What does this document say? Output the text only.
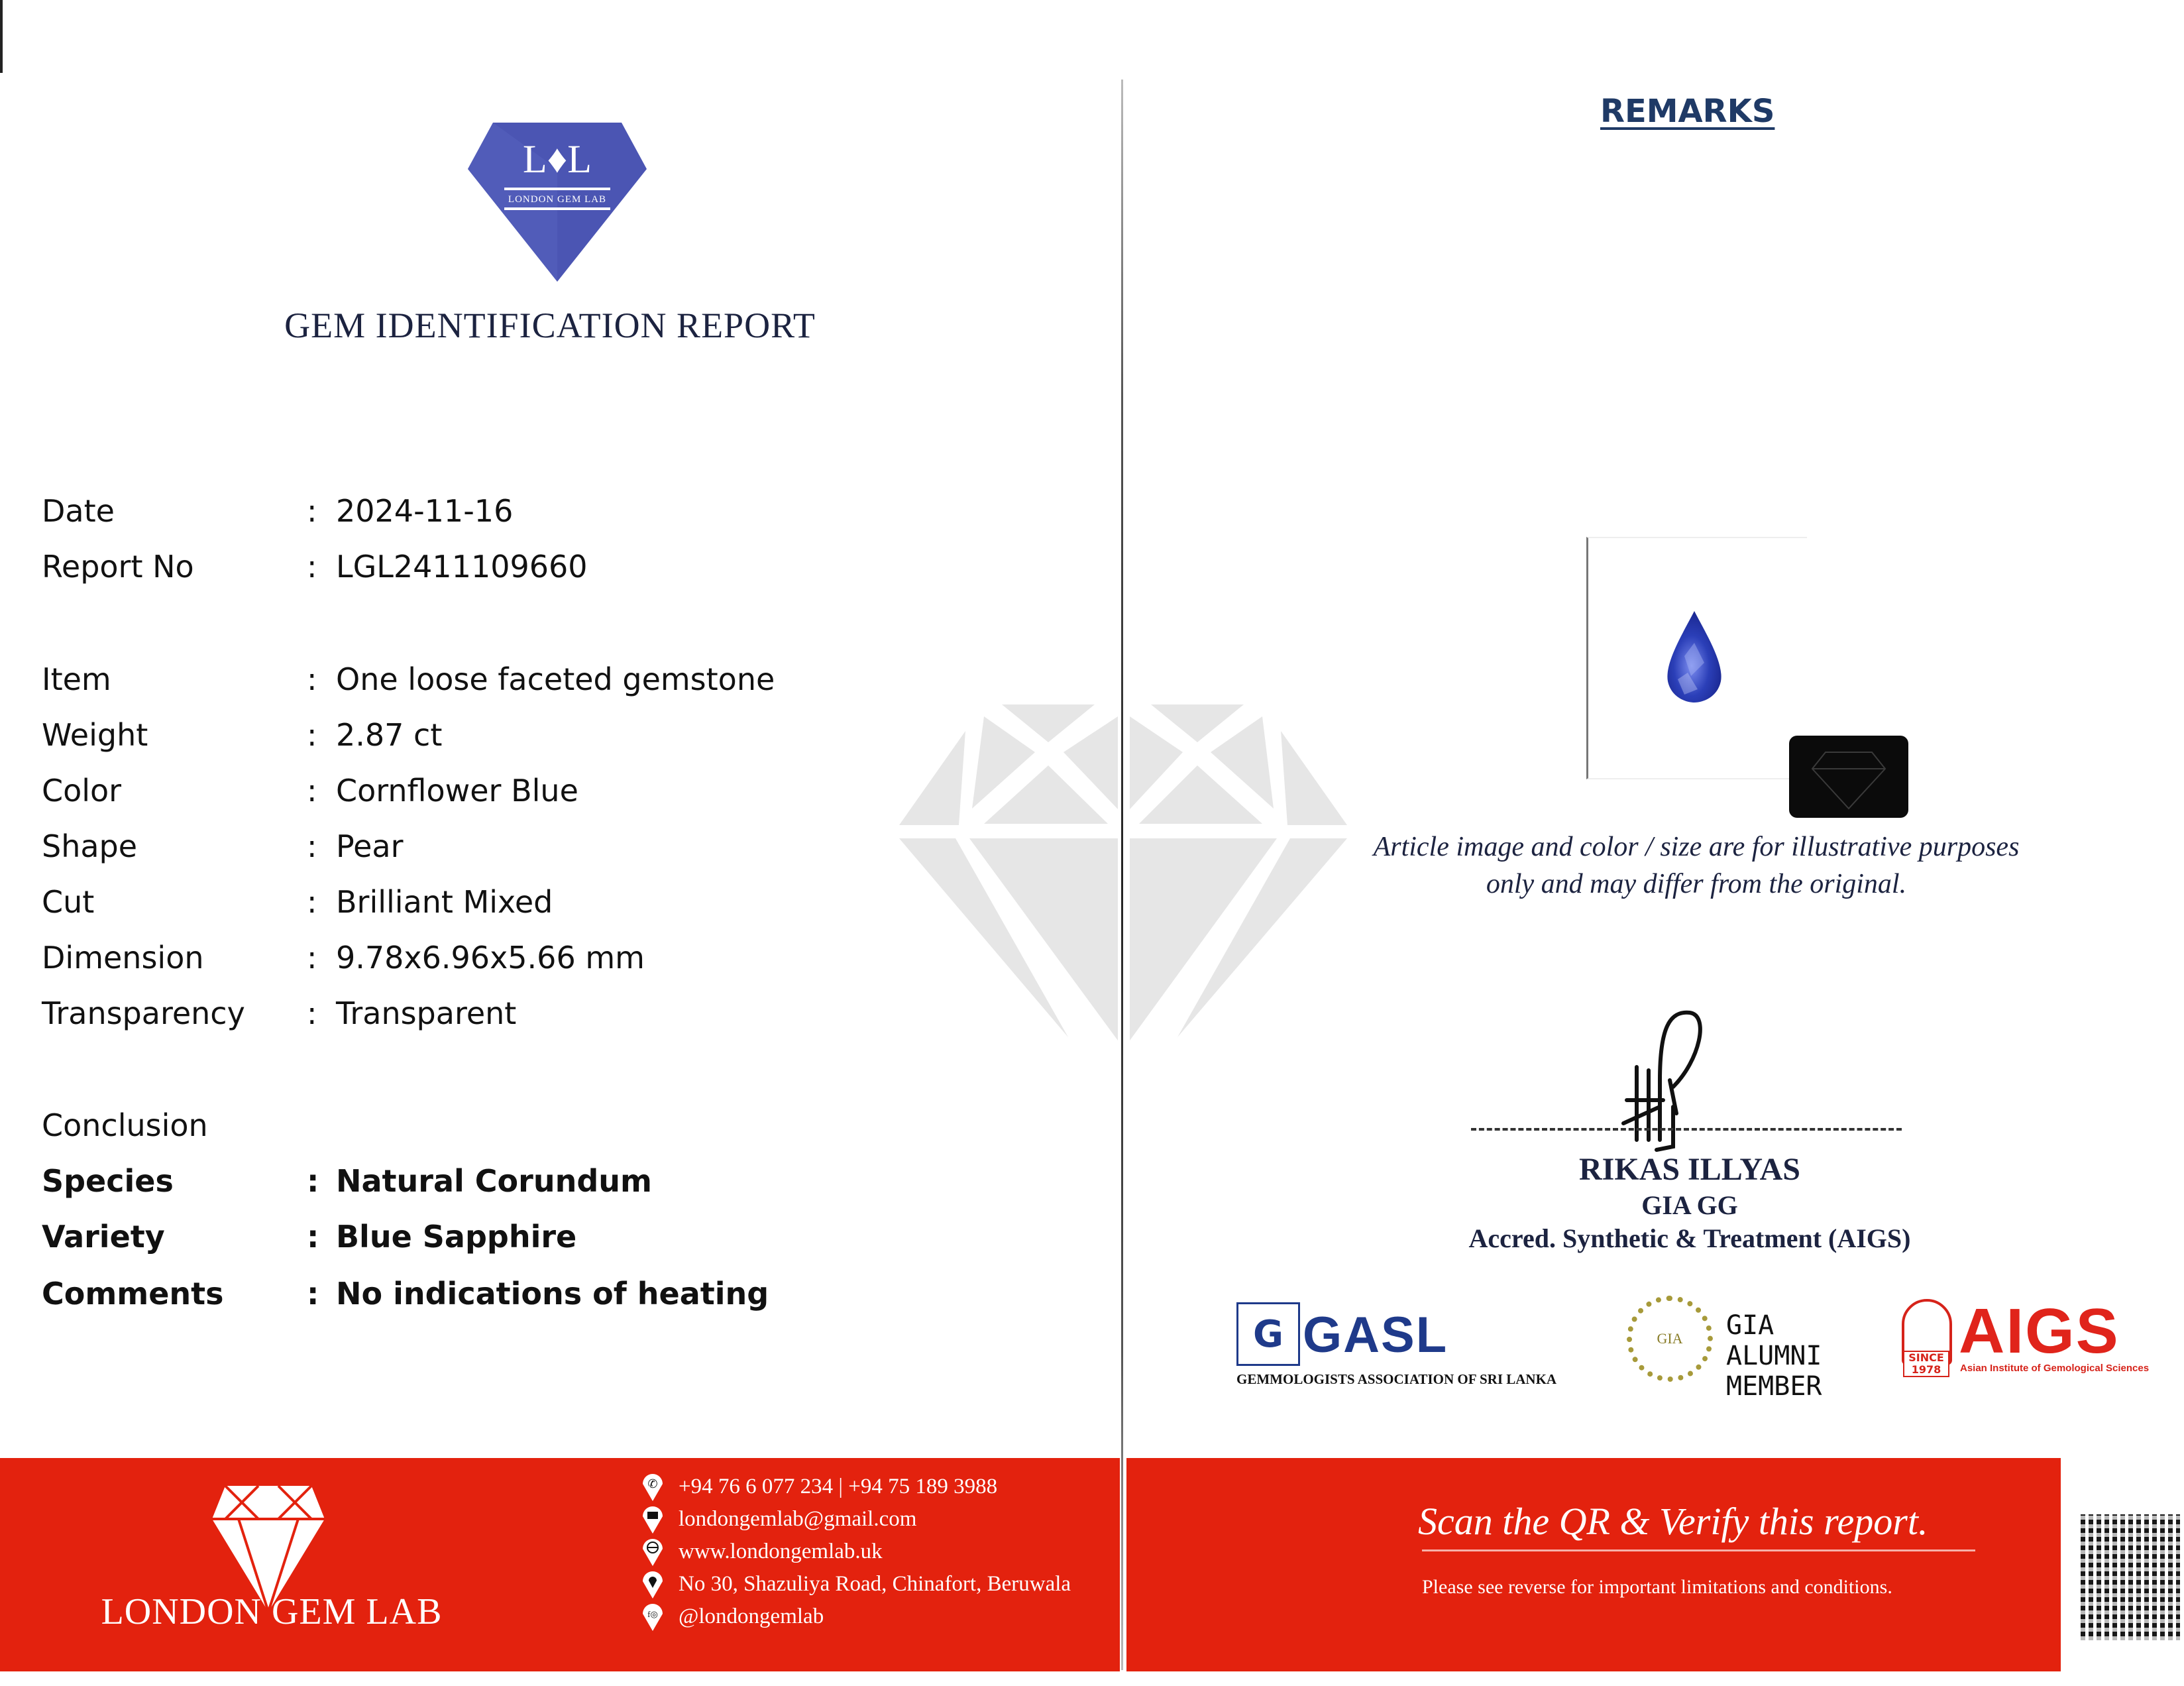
L♦L
LONDON GEM LAB
GEM IDENTIFICATION REPORT
Date	: 2024-11-16
Report No	: LGL2411109660
Item	: One loose faceted gemstone
Weight	: 2.87 ct
Color	: Cornflower Blue
Shape	: Pear
Cut	: Brilliant Mixed
Dimension	: 9.78x6.96x5.66 mm
Transparency : Transparent
Conclusion
Species	: Natural Corundum
Variety	: Blue Sapphire
Comments	: No indications of heating
REMARKS
Article image and color / size are for illustrative purposes
only and may differ from the original.
RIKAS ILLYAS
GIA GG
Accred. Synthetic & Treatment (AIGS)
G GASL
GEMMOLOGISTS ASSOCIATION OF SRI LANKA
GIA GIA ALUMNI
MEMBER
SINCE 1978
AIGS
Asian Institute of Gemological Sciences
LONDON GEM LAB
✆ +94 76 6 077 234 | +94 75 189 3988
londongemlab@gmail.com
www.londongemlab.uk
No 30, Shazuliya Road, Chinafort, Beruwala
f◎ @londongemlab
Scan the QR & Verify this report.
Please see reverse for important limitations and conditions.
